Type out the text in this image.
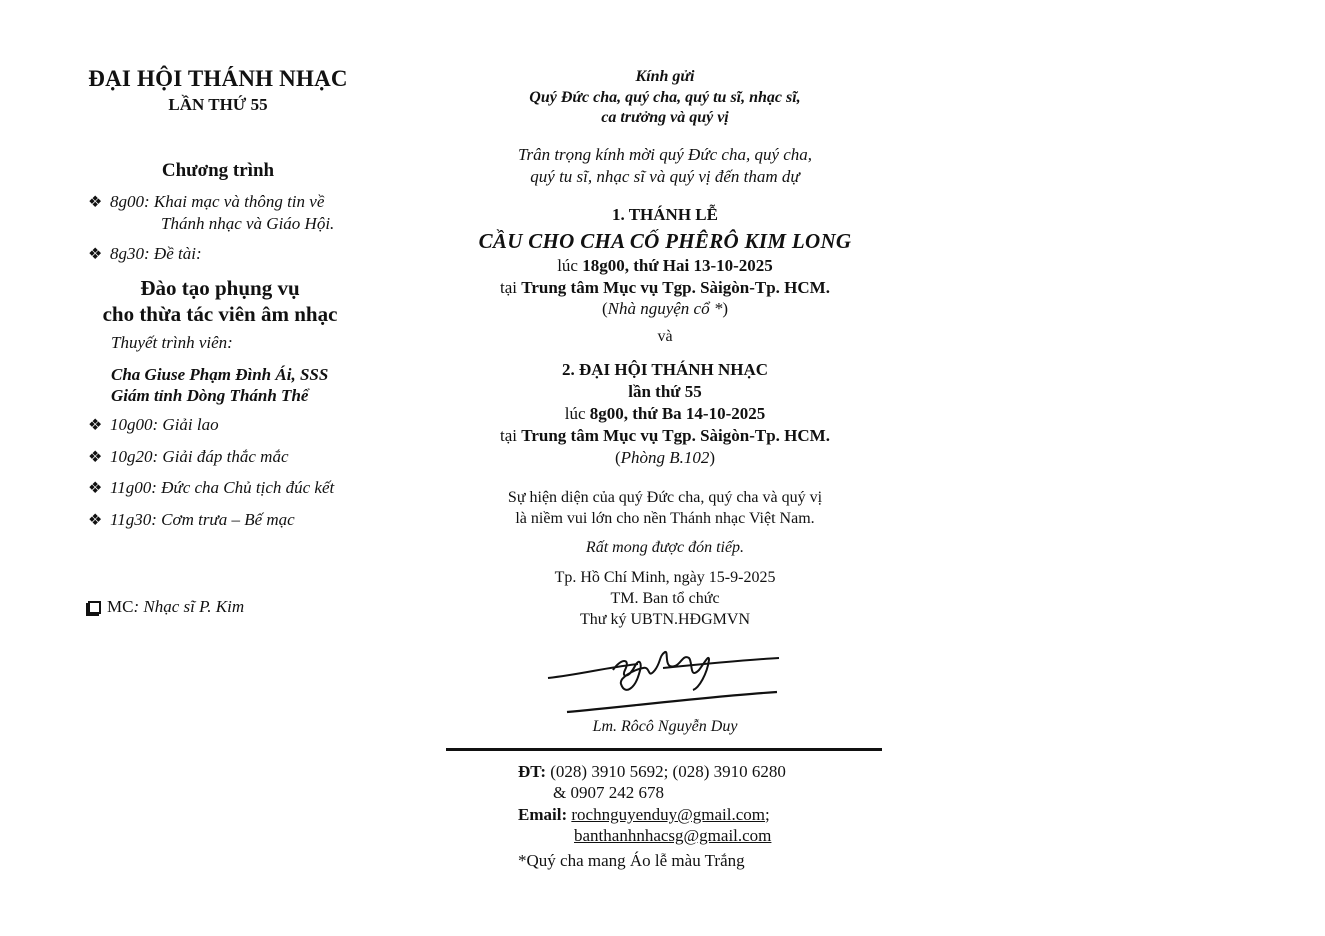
ĐẠI HỘI THÁNH NHẠC
LẦN THỨ 55
Chương trình
❖ 8g00:
Khai mạc và thông tin về
Thánh nhạc và Giáo Hội.
❖ 8g30:
Đề tài:
Đào tạo phụng vụ
cho thừa tác viên âm nhạc
Thuyết trình viên:
Cha Giuse Phạm Đình Ái, SSS
Giám tỉnh Dòng Thánh Thể
❖ 10g00:
Giải lao
❖ 10g20:
Giải đáp thắc mắc
❖ 11g00:
Đức cha Chủ tịch đúc kết
❖ 11g30:
Cơm trưa – Bế mạc
MC : Nhạc sĩ P. Kim
Kính gửi
Quý Đức cha, quý cha, quý tu sĩ, nhạc sĩ,
ca trưởng và quý vị
Trân trọng kính mời quý Đức cha, quý cha,
quý tu sĩ, nhạc sĩ và quý vị đến tham dự
1. THÁNH LỄ
CẦU CHO CHA CỐ PHÊRÔ KIM LONG
lúc 18g00, thứ Hai 13-10-2025
tại Trung tâm Mục vụ Tgp. Sàigòn-Tp. HCM.
(Nhà nguyện cổ *)
và
2. ĐẠI HỘI THÁNH NHẠC
lần thứ 55
lúc 8g00, thứ Ba 14-10-2025
tại Trung tâm Mục vụ Tgp. Sàigòn-Tp. HCM.
(Phòng B.102)
Sự hiện diện của quý Đức cha, quý cha và quý vị
là niềm vui lớn cho nền Thánh nhạc Việt Nam.
Rất mong được đón tiếp.
Tp. Hồ Chí Minh, ngày 15-9-2025
TM. Ban tổ chức
Thư ký UBTN.HĐGMVN
Lm. Rôcô Nguyễn Duy
ĐT: (028) 3910 5692; (028) 3910 6280
& 0907 242 678
Email: rochnguyenduy@gmail.com;
banthanhnhacsg@gmail.com
*Quý cha mang Áo lễ màu Trắng
